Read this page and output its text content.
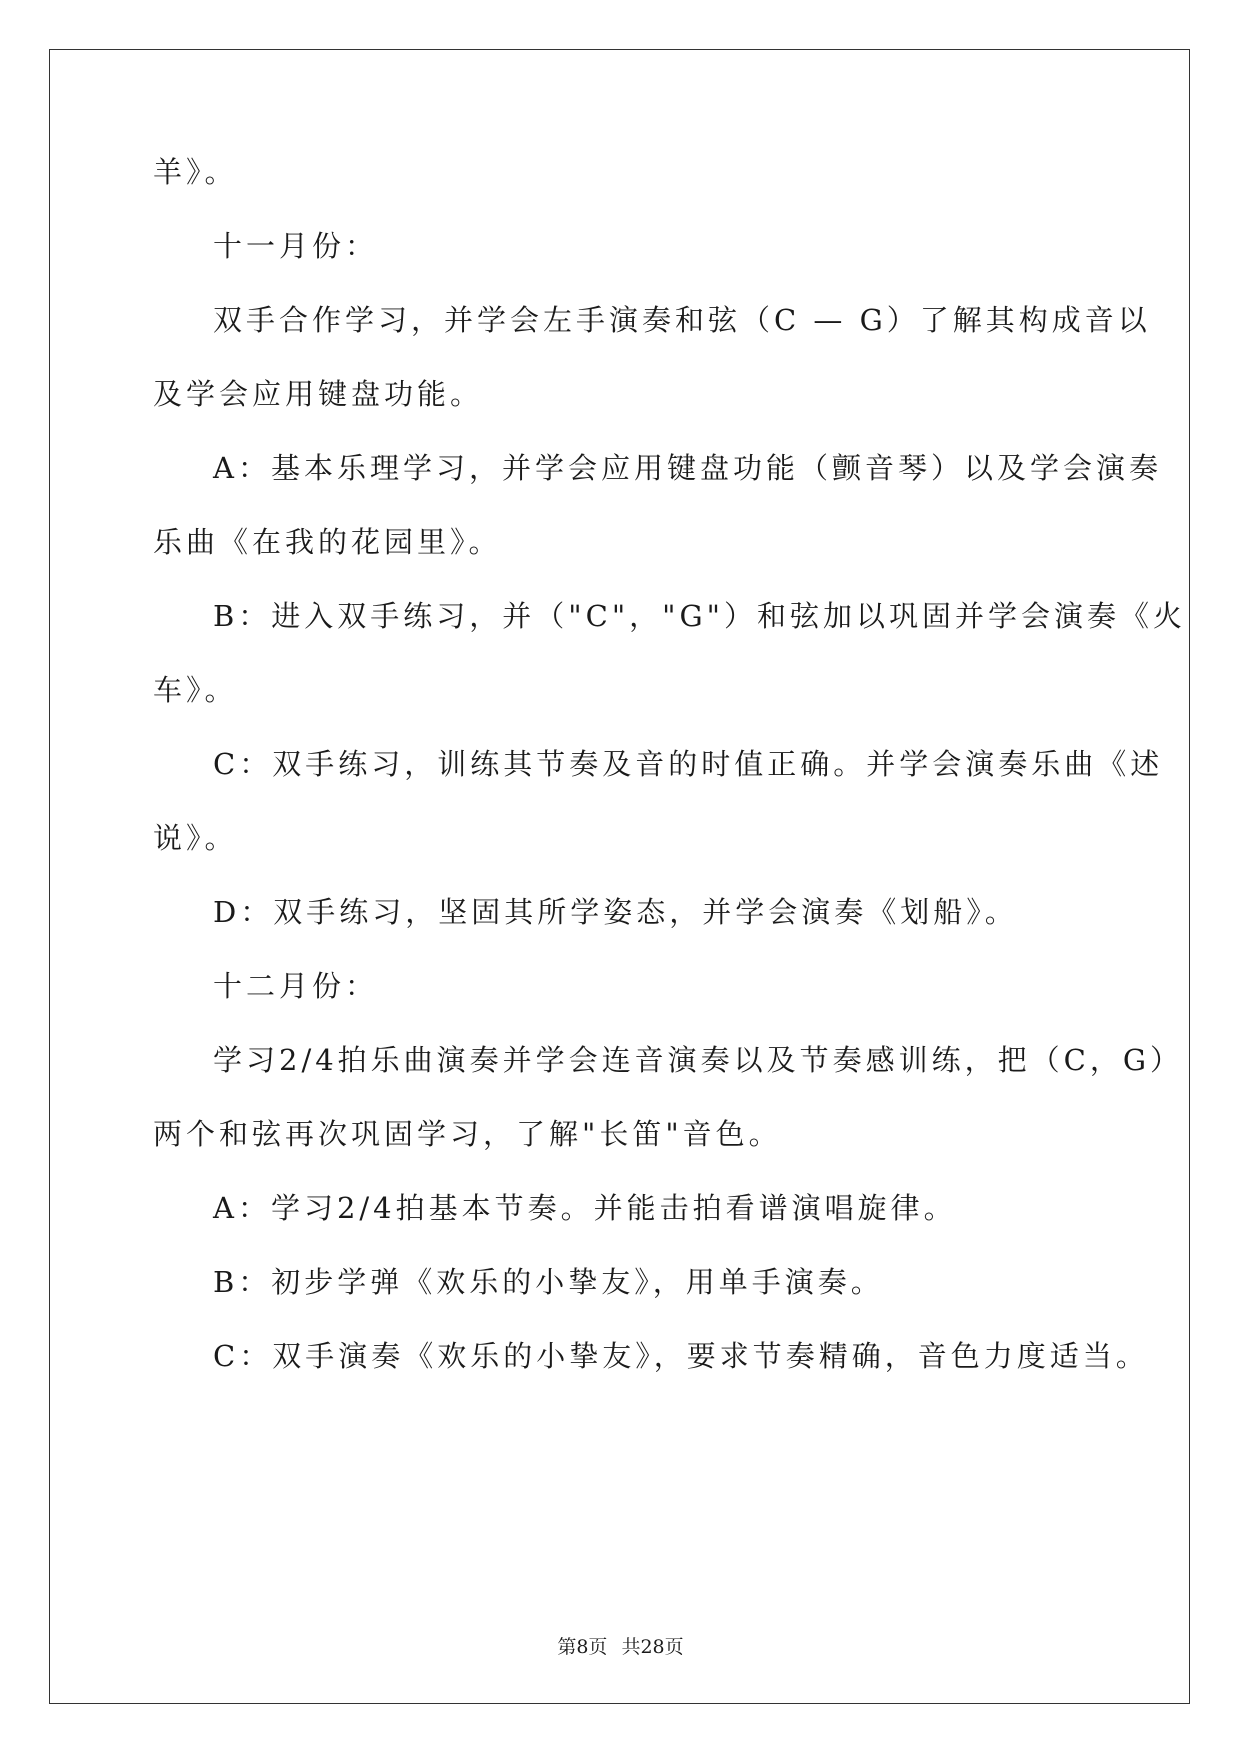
羊》。

十一月份：

双手合作学习，并学会左手演奏和弦（C — G）了解其构成音以

及学会应用键盘功能。

A：基本乐理学习，并学会应用键盘功能（颤音琴）以及学会演奏

乐曲《在我的花园里》。

B：进入双手练习，并（"C"，"G"）和弦加以巩固并学会演奏《火

车》。

C：双手练习，训练其节奏及音的时值正确。并学会演奏乐曲《述

说》。

D：双手练习，坚固其所学姿态，并学会演奏《划船》。

十二月份：

学习2/4拍乐曲演奏并学会连音演奏以及节奏感训练，把（C，G）

两个和弦再次巩固学习，了解"长笛"音色。

A：学习2/4拍基本节奏。并能击拍看谱演唱旋律。

B：初步学弹《欢乐的小挚友》，用单手演奏。

C：双手演奏《欢乐的小挚友》，要求节奏精确，音色力度适当。

第8页 共28页
